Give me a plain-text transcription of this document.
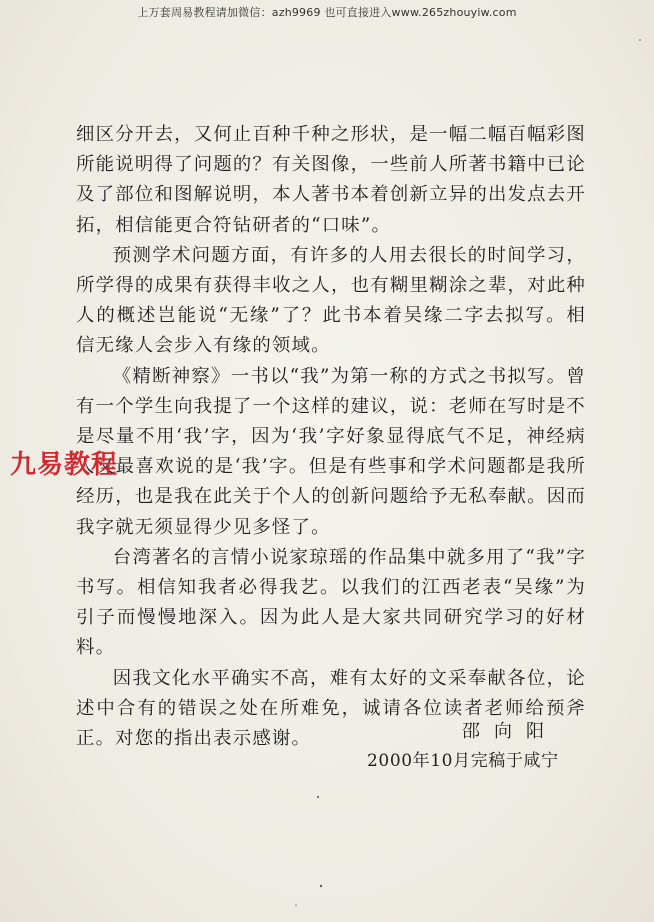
上万套周易教程请加微信：azh9969 也可直接进入www.265zhouyiw.com

细区分开去，又何止百种千种之形状，是一幅二幅百幅彩图所能说明得了问题的？有关图像，一些前人所著书籍中已论及了部位和图解说明，本人著书本着创新立异的出发点去开拓，相信能更合符钻研者的“口味”。

预测学术问题方面，有许多的人用去很长的时间学习，所学得的成果有获得丰收之人，也有糊里糊涂之辈，对此种人的概述岂能说“无缘”了？此书本着吴缘二字去拟写。相信无缘人会步入有缘的领域。

《精断神察》一书以“我”为第一称的方式之书拟写。曾有一个学生向我提了一个这样的建议，说：老师在写时是不是尽量不用‘我’字，因为‘我’字好象显得底气不足，神经病人又最喜欢说的是‘我’字。但是有些事和学术问题都是我所经历，也是我在此关于个人的创新问题给予无私奉献。因而我字就无须显得少见多怪了。

台湾著名的言情小说家琼瑶的作品集中就多用了“我”字书写。相信知我者必得我艺。以我们的江西老表“吴缘”为引子而慢慢地深入。因为此人是大家共同研究学习的好材料。

因我文化水平确实不高，难有太好的文采奉献各位，论述中合有的错误之处在所难免，诚请各位读者老师给预斧正。对您的指出表示感谢。	邵向阳
2000年10月完稿于咸宁
九易教程
